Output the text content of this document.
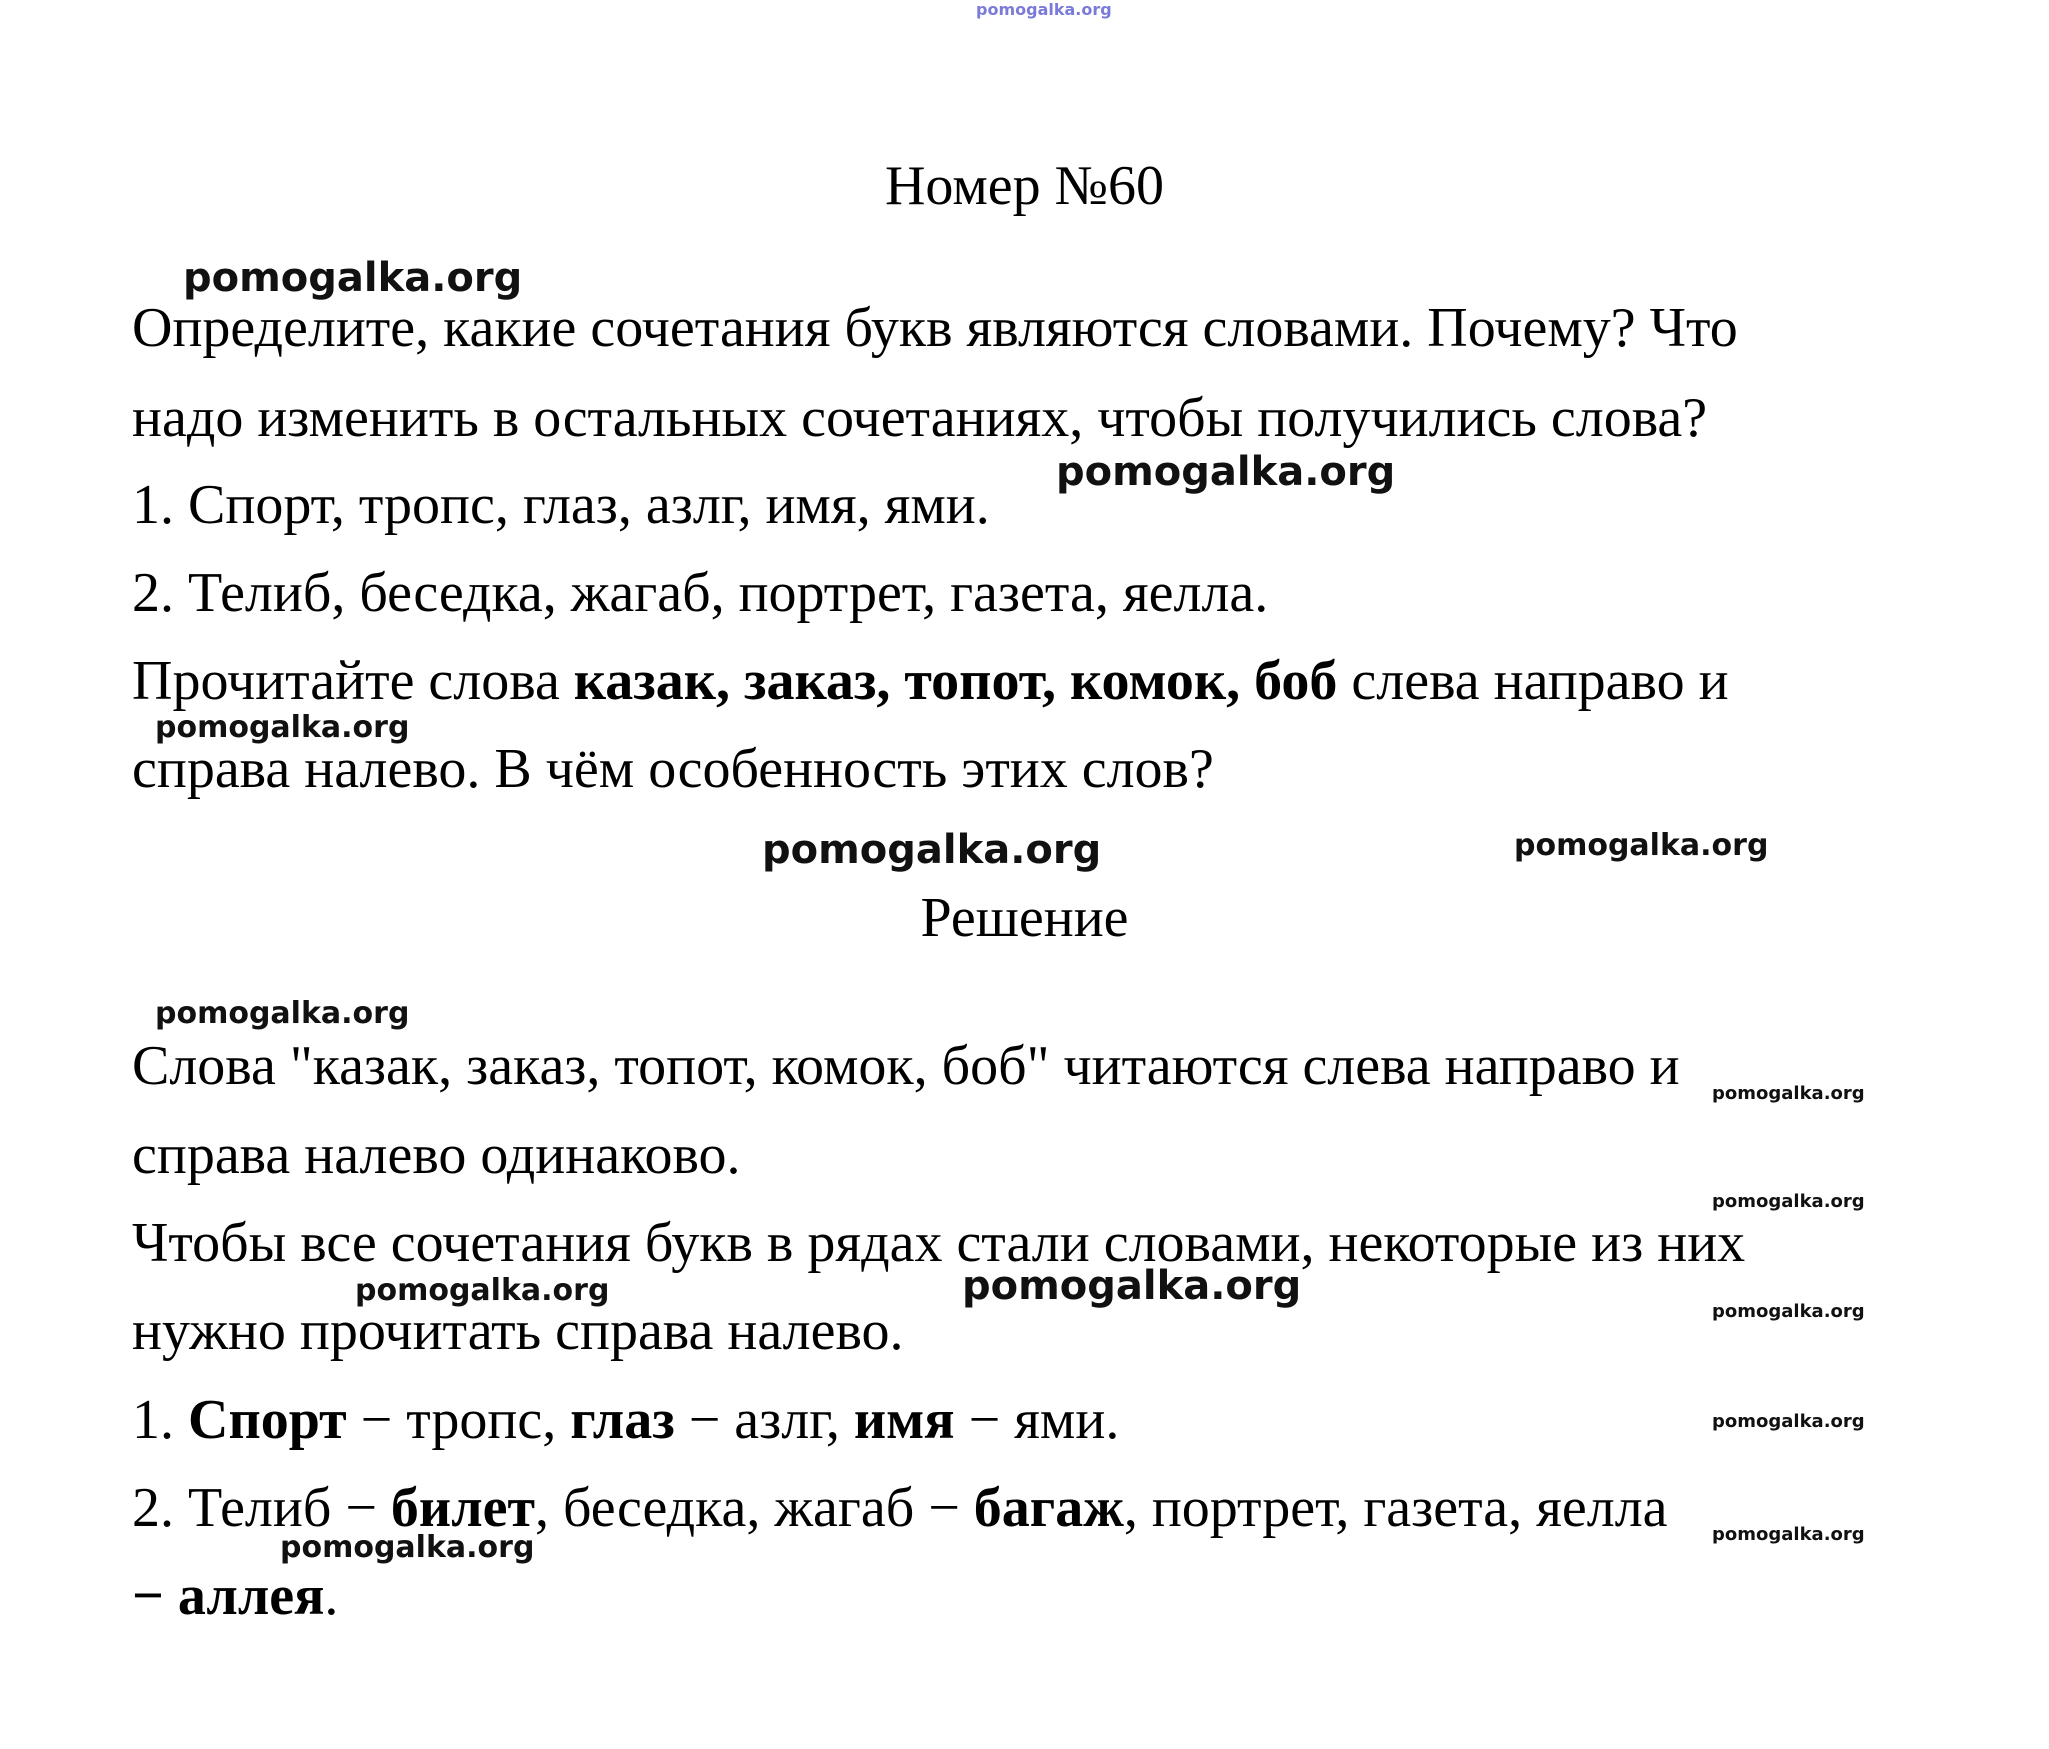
pomogalka.org
Номер №60
Определите, какие сочетания букв являются словами. Почему? Что
надо изменить в остальных сочетаниях, чтобы получились слова?
1. Спорт, тропс, глаз, азлг, имя, ями.
2. Телиб, беседка, жагаб, портрет, газета, яелла.
Прочитайте слова казак, заказ, топот, комок, боб слева направо и
справа налево. В чём особенность этих слов?
Решение
Слова "казак, заказ, топот, комок, боб" читаются слева направо и
справа налево одинаково.
Чтобы все сочетания букв в рядах стали словами, некоторые из них
нужно прочитать справа налево.
1. Спорт − тропс, глаз − азлг, имя − ями.
2. Телиб − билет, беседка, жагаб − багаж, портрет, газета, яелла
− аллея.
pomogalka.org
pomogalka.org
pomogalka.org
pomogalka.org	pomogalka.org
pomogalka.org
pomogalka.org
pomogalka.org
pomogalka.org	pomogalka.org
pomogalka.org
pomogalka.org
pomogalka.org
pomogalka.org
